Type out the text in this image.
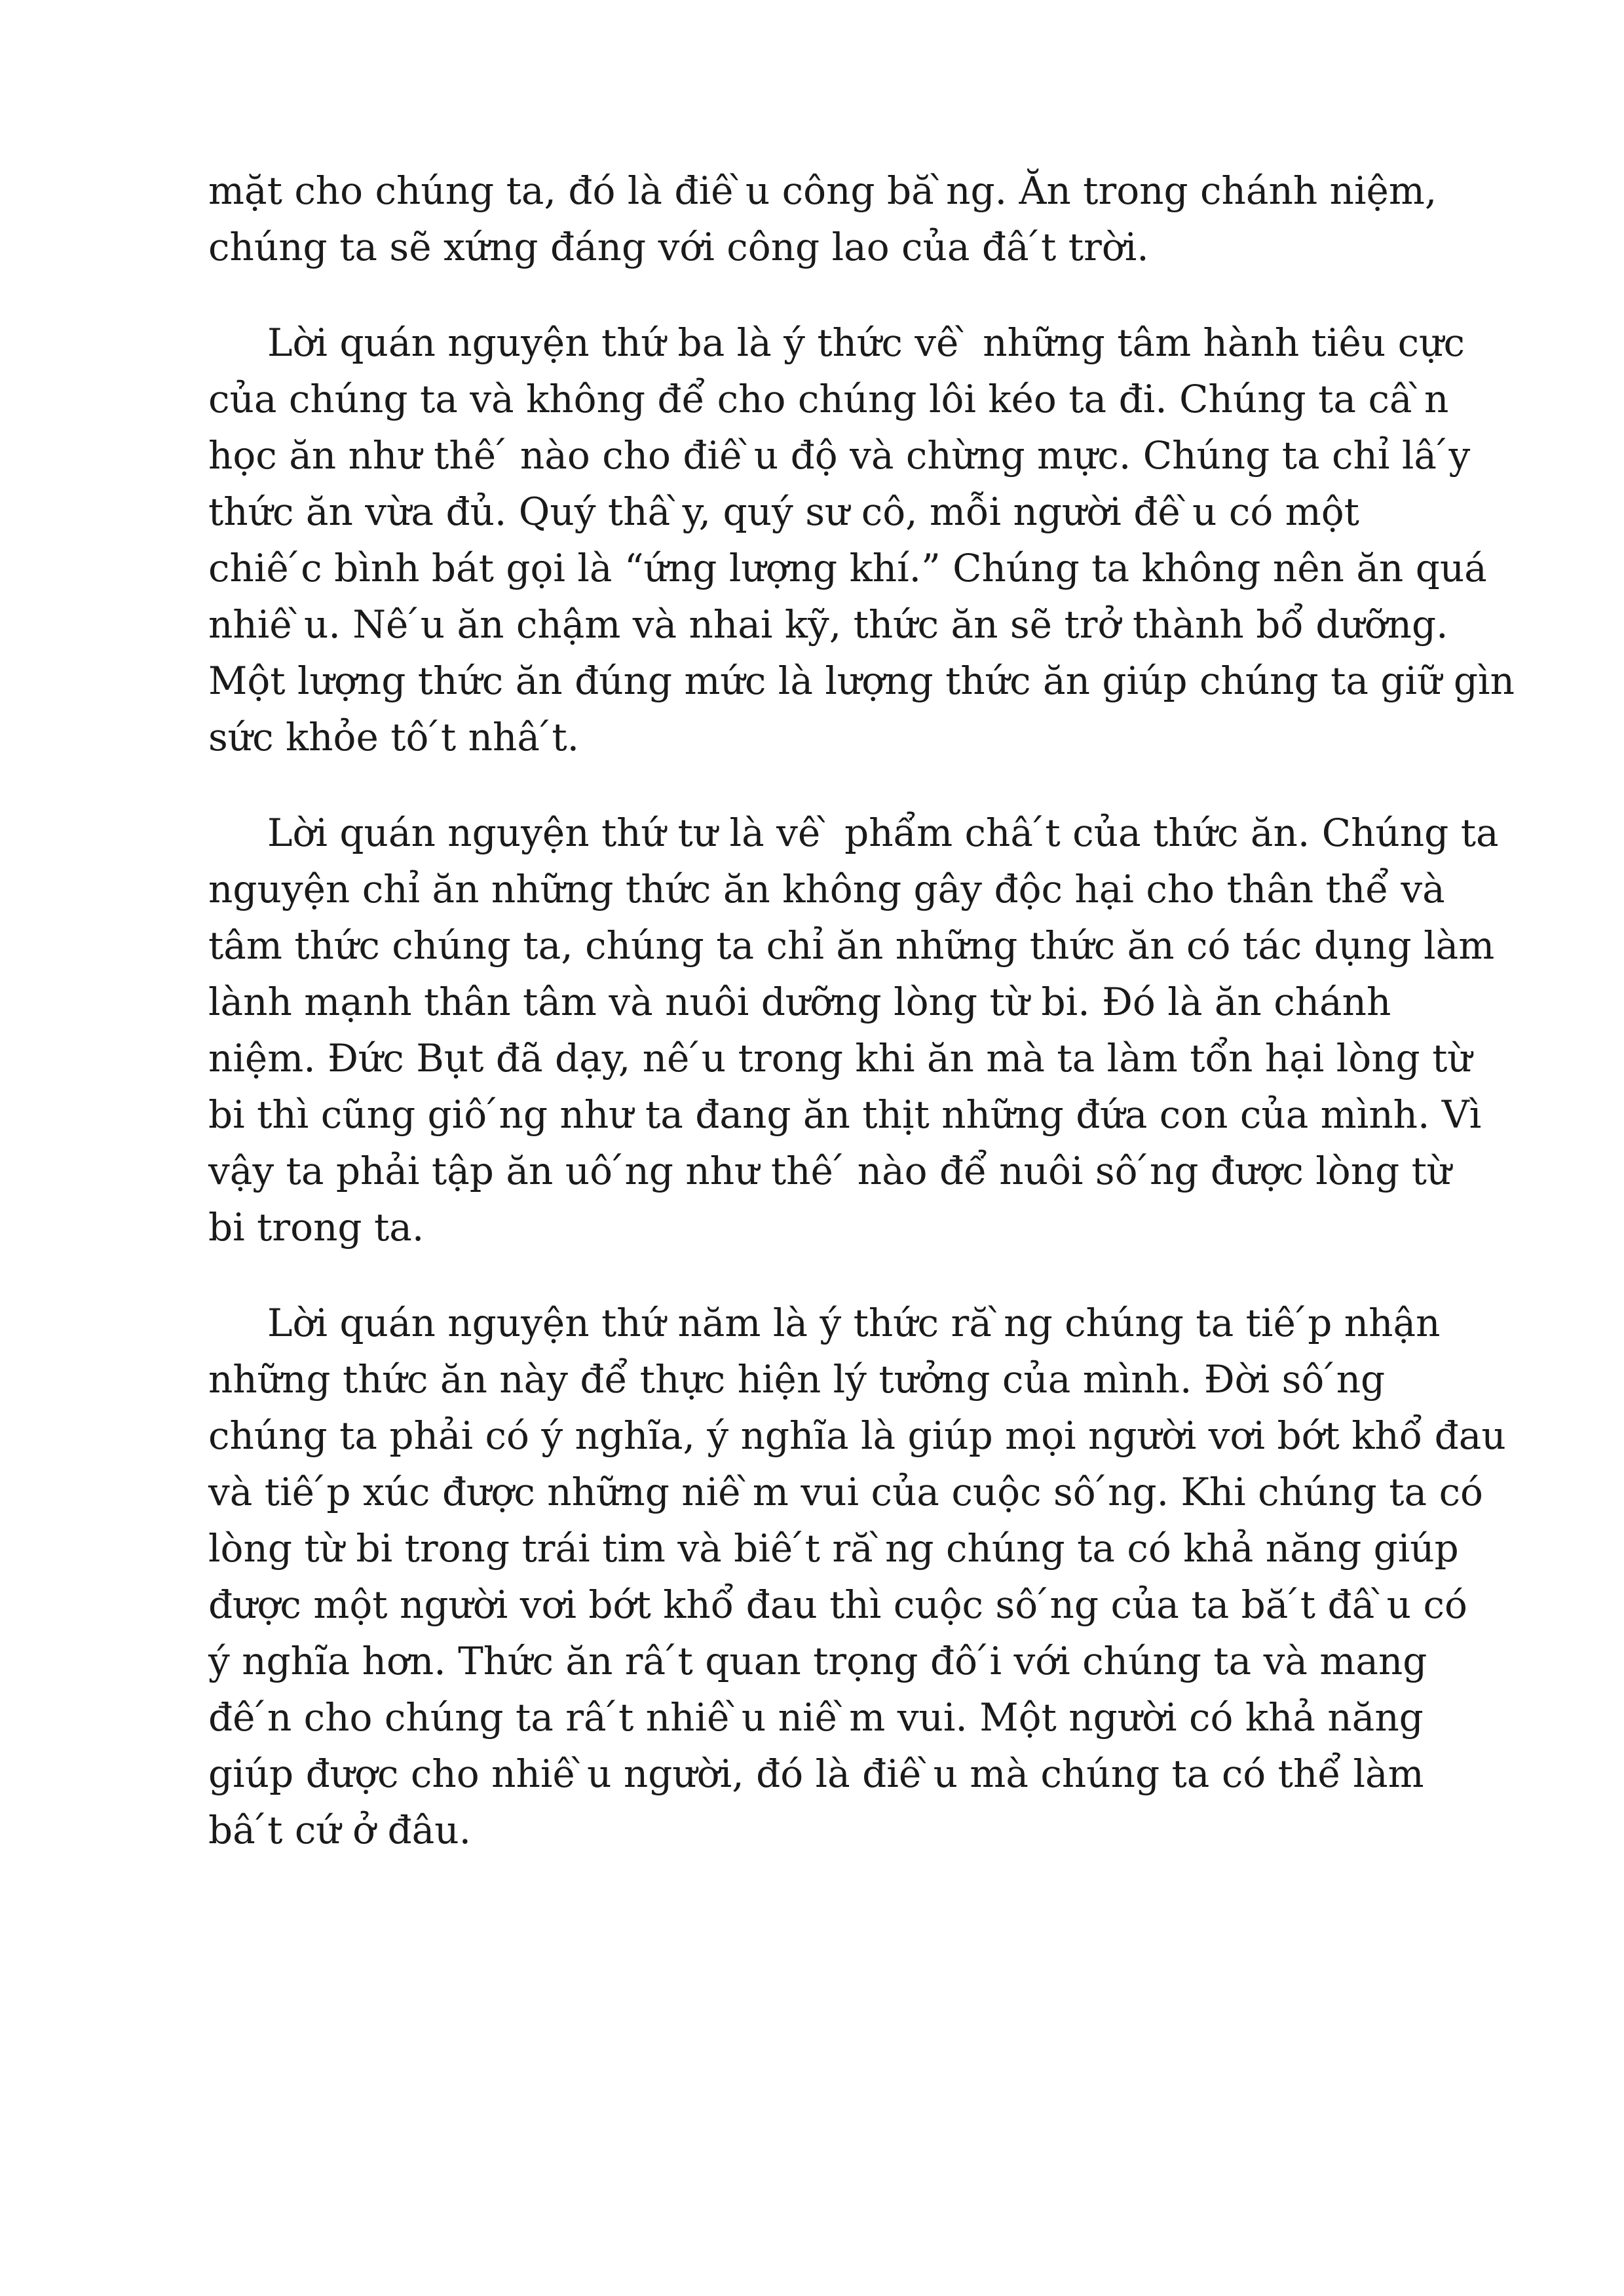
mặt cho chúng ta, đó là điê ̀u công bă ̀ng. Ăn trong chánh niệm,
chúng ta sẽ xứng đáng với công lao của đâ ́t trời.

Lời quán nguyện thứ ba là ý thức vê ̀ những tâm hành tiêu cực
của chúng ta và không để cho chúng lôi kéo ta đi. Chúng ta câ ̀n
học ăn như thê ́ nào cho điê ̀u độ và chừng mực. Chúng ta chỉ lâ ́y
thức ăn vừa đủ. Quý thâ ̀y, quý sư cô, mỗi người đê ̀u có một
chiê ́c bình bát gọi là “ứng lượng khí.” Chúng ta không nên ăn quá
nhiê ̀u. Nê ́u ăn chậm và nhai kỹ, thức ăn sẽ trở thành bổ dưỡng.
Một lượng thức ăn đúng mức là lượng thức ăn giúp chúng ta giữ gìn
sức khỏe tô ́t nhâ ́t.

Lời quán nguyện thứ tư là vê ̀ phẩm châ ́t của thức ăn. Chúng ta
nguyện chỉ ăn những thức ăn không gây độc hại cho thân thể và
tâm thức chúng ta, chúng ta chỉ ăn những thức ăn có tác dụng làm
lành mạnh thân tâm và nuôi dưỡng lòng từ bi. Đó là ăn chánh
niệm. Đức Bụt đã dạy, nê ́u trong khi ăn mà ta làm tổn hại lòng từ
bi thì cũng giô ́ng như ta đang ăn thịt những đứa con của mình. Vì
vậy ta phải tập ăn uô ́ng như thê ́ nào để nuôi sô ́ng được lòng từ
bi trong ta.

Lời quán nguyện thứ năm là ý thức ră ̀ng chúng ta tiê ́p nhận
những thức ăn này để thực hiện lý tưởng của mình. Đời sô ́ng
chúng ta phải có ý nghĩa, ý nghĩa là giúp mọi người vơi bớt khổ đau
và tiê ́p xúc được những niê ̀m vui của cuộc sô ́ng. Khi chúng ta có
lòng từ bi trong trái tim và biê ́t ră ̀ng chúng ta có khả năng giúp
được một người vơi bớt khổ đau thì cuộc sô ́ng của ta bă ́t đâ ̀u có
ý nghĩa hơn. Thức ăn râ ́t quan trọng đô ́i với chúng ta và mang
đê ́n cho chúng ta râ ́t nhiê ̀u niê ̀m vui. Một người có khả năng
giúp được cho nhiê ̀u người, đó là điê ̀u mà chúng ta có thể làm
bâ ́t cứ ở đâu.
